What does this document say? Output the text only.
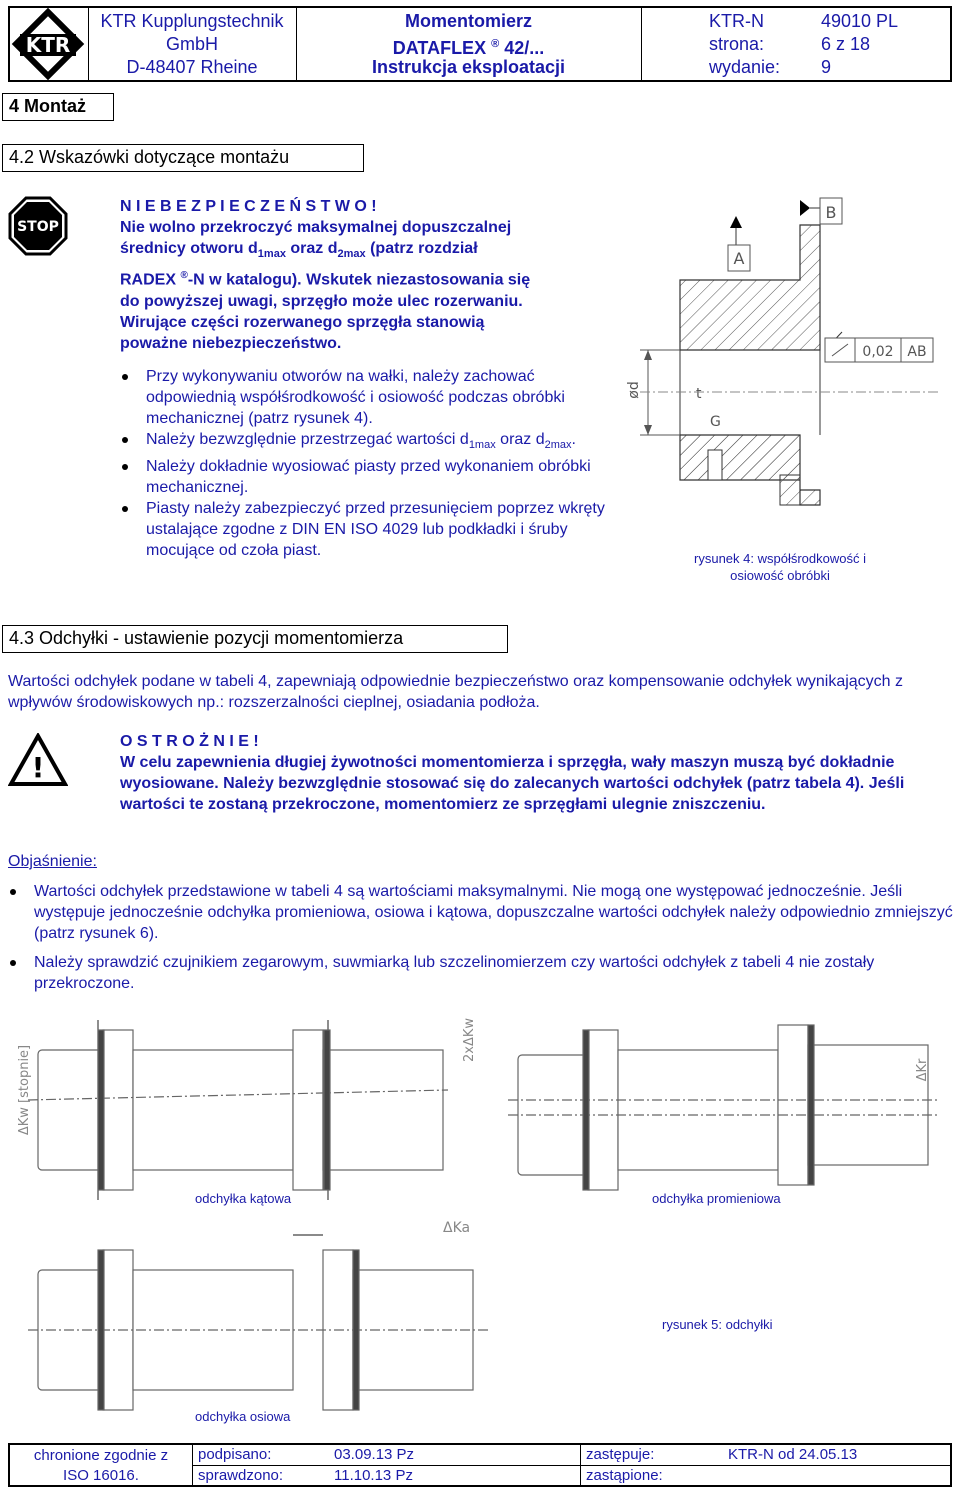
KTR
KTR Kupplungstechnik
GmbH
D-48407 Rheine
Momentomierz
DATAFLEX ® 42/...
Instrukcja eksploatacji
KTR-N	49010 PL
strona:	6 z 18
wydanie: 9
4 Montaż
4.2 Wskazówki dotyczące montażu
STOP
N I E B E Z P I E C Z E Ń S T W O !
Nie wolno przekroczyć maksymalnej dopuszczalnej
średnicy otworu $d_{1max}$ oraz $d_{2max}$ (patrz rozdział
RADEX ®-N w katalogu). Wskutek niezastosowania się
do powyższej uwagi, sprzęgło może ulec rozerwaniu.
Wirujące części rozerwanego sprzęgła stanowią
poważne niebezpieczeństwo.
Przy wykonywaniu otworów na wałki, należy zachować odpowiednią współśrodkowość i osiowość podczas obróbki mechanicznej (patrz rysunek 4).
Należy bezwzględnie przestrzegać wartości $d_{1max}$ oraz $d_{2max}$.
Należy dokładnie wyosiować piasty przed wykonaniem obróbki mechanicznej.
Piasty należy zabezpieczyć przed przesunięciem poprzez wkręty ustalające zgodne z DIN EN ISO 4029 lub podkładki i śruby mocujące od czoła piast.
A
B
0,02 AB
ød	t
G
rysunek 4: współśrodkowość i
osiowość obróbki
4.3 Odchyłki - ustawienie pozycji momentomierza
Wartości odchyłek podane w tabeli 4, zapewniają odpowiednie bezpieczeństwo oraz kompensowanie odchyłek wynikających z wpływów środowiskowych np.: rozszerzalności cieplnej, osiadania podłoża.
!
O S T R O Ż N I E !
W celu zapewnienia długiej żywotności momentomierza i sprzęgła, wały maszyn muszą być dokładnie wyosiowane. Należy bezwzględnie stosować się do zalecanych wartości odchyłek (patrz tabela 4). Jeśli wartości te zostaną przekroczone, momentomierz ze sprzęgłami ulegnie zniszczeniu.
Objaśnienie:
Wartości odchyłek przedstawione w tabeli 4 są wartościami maksymalnymi. Nie mogą one występować jednocześnie. Jeśli występuje jednocześnie odchyłka promieniowa, osiowa i kątowa, dopuszczalne wartości odchyłek należy odpowiednio zmniejszyć (patrz rysunek 6).
Należy sprawdzić czujnikiem zegarowym, suwmiarką lub szczelinomierzem czy wartości odchyłek z tabeli 4 nie zostały przekroczone.
ΔKw [stopnie]
2xΔKw
ΔKr
ΔKa
odchyłka kątowa	odchyłka promieniowa
rysunek 5: odchyłki
odchyłka osiowa
chronione zgodnie z
ISO 16016.
podpisano:	03.09.13 Pz
sprawdzono:	11.10.13 Pz
zastępuje:	KTR-N od 24.05.13
zastąpione:
